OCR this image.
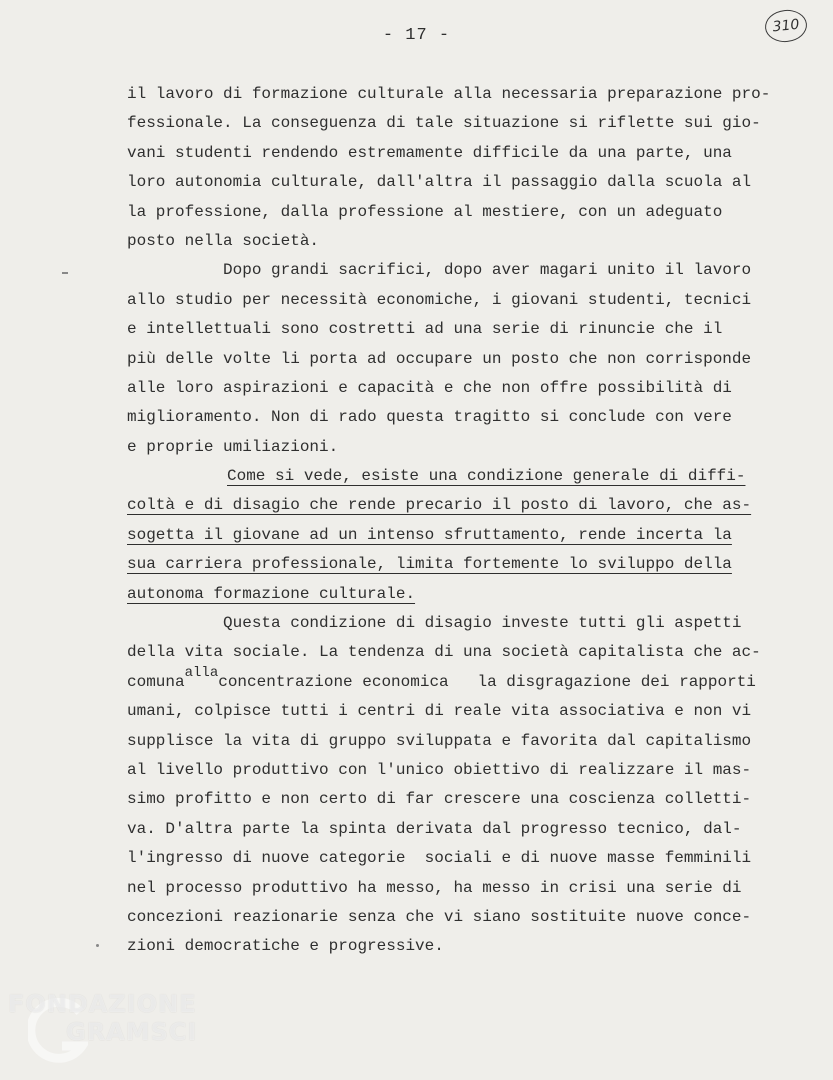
- 17 -	310
il lavoro di formazione culturale alla necessaria preparazione pro-
fessionale. La conseguenza di tale situazione si riflette sui gio-
vani studenti rendendo estremamente difficile da una parte, una
loro autonomia culturale, dall'altra il passaggio dalla scuola al
la professione, dalla professione al mestiere, con un adeguato
posto nella società.
Dopo grandi sacrifici, dopo aver magari unito il lavoro
allo studio per necessità economiche, i giovani studenti, tecnici
e intellettuali sono costretti ad una serie di rinuncie che il
più delle volte li porta ad occupare un posto che non corrisponde
alle loro aspirazioni e capacità e che non offre possibilità di
miglioramento. Non di rado questa tragitto si conclude con vere
e proprie umiliazioni.
Come si vede, esiste una condizione generale di diffi-
coltà e di disagio che rende precario il posto di lavoro, che as-
sogetta il giovane ad un intenso sfruttamento, rende incerta la
sua carriera professionale, limita fortemente lo sviluppo della
autonoma formazione culturale.
Questa condizione di disagio investe tutti gli aspetti
della vita sociale. La tendenza di una società capitalista che ac-
comunaallaconcentrazione economica   la disgragazione dei rapporti
umani, colpisce tutti i centri di reale vita associativa e non vi
supplisce la vita di gruppo sviluppata e favorita dal capitalismo
al livello produttivo con l'unico obiettivo di realizzare il mas-
simo profitto e non certo di far crescere una coscienza colletti-
va. D'altra parte la spinta derivata dal progresso tecnico, dal-
l'ingresso di nuove categorie  sociali e di nuove masse femminili
nel processo produttivo ha messo, ha messo in crisi una serie di
concezioni reazionarie senza che vi siano sostituite nuove conce-
zioni democratiche e progressive.
FONDAZIONE
GRAMSCI
